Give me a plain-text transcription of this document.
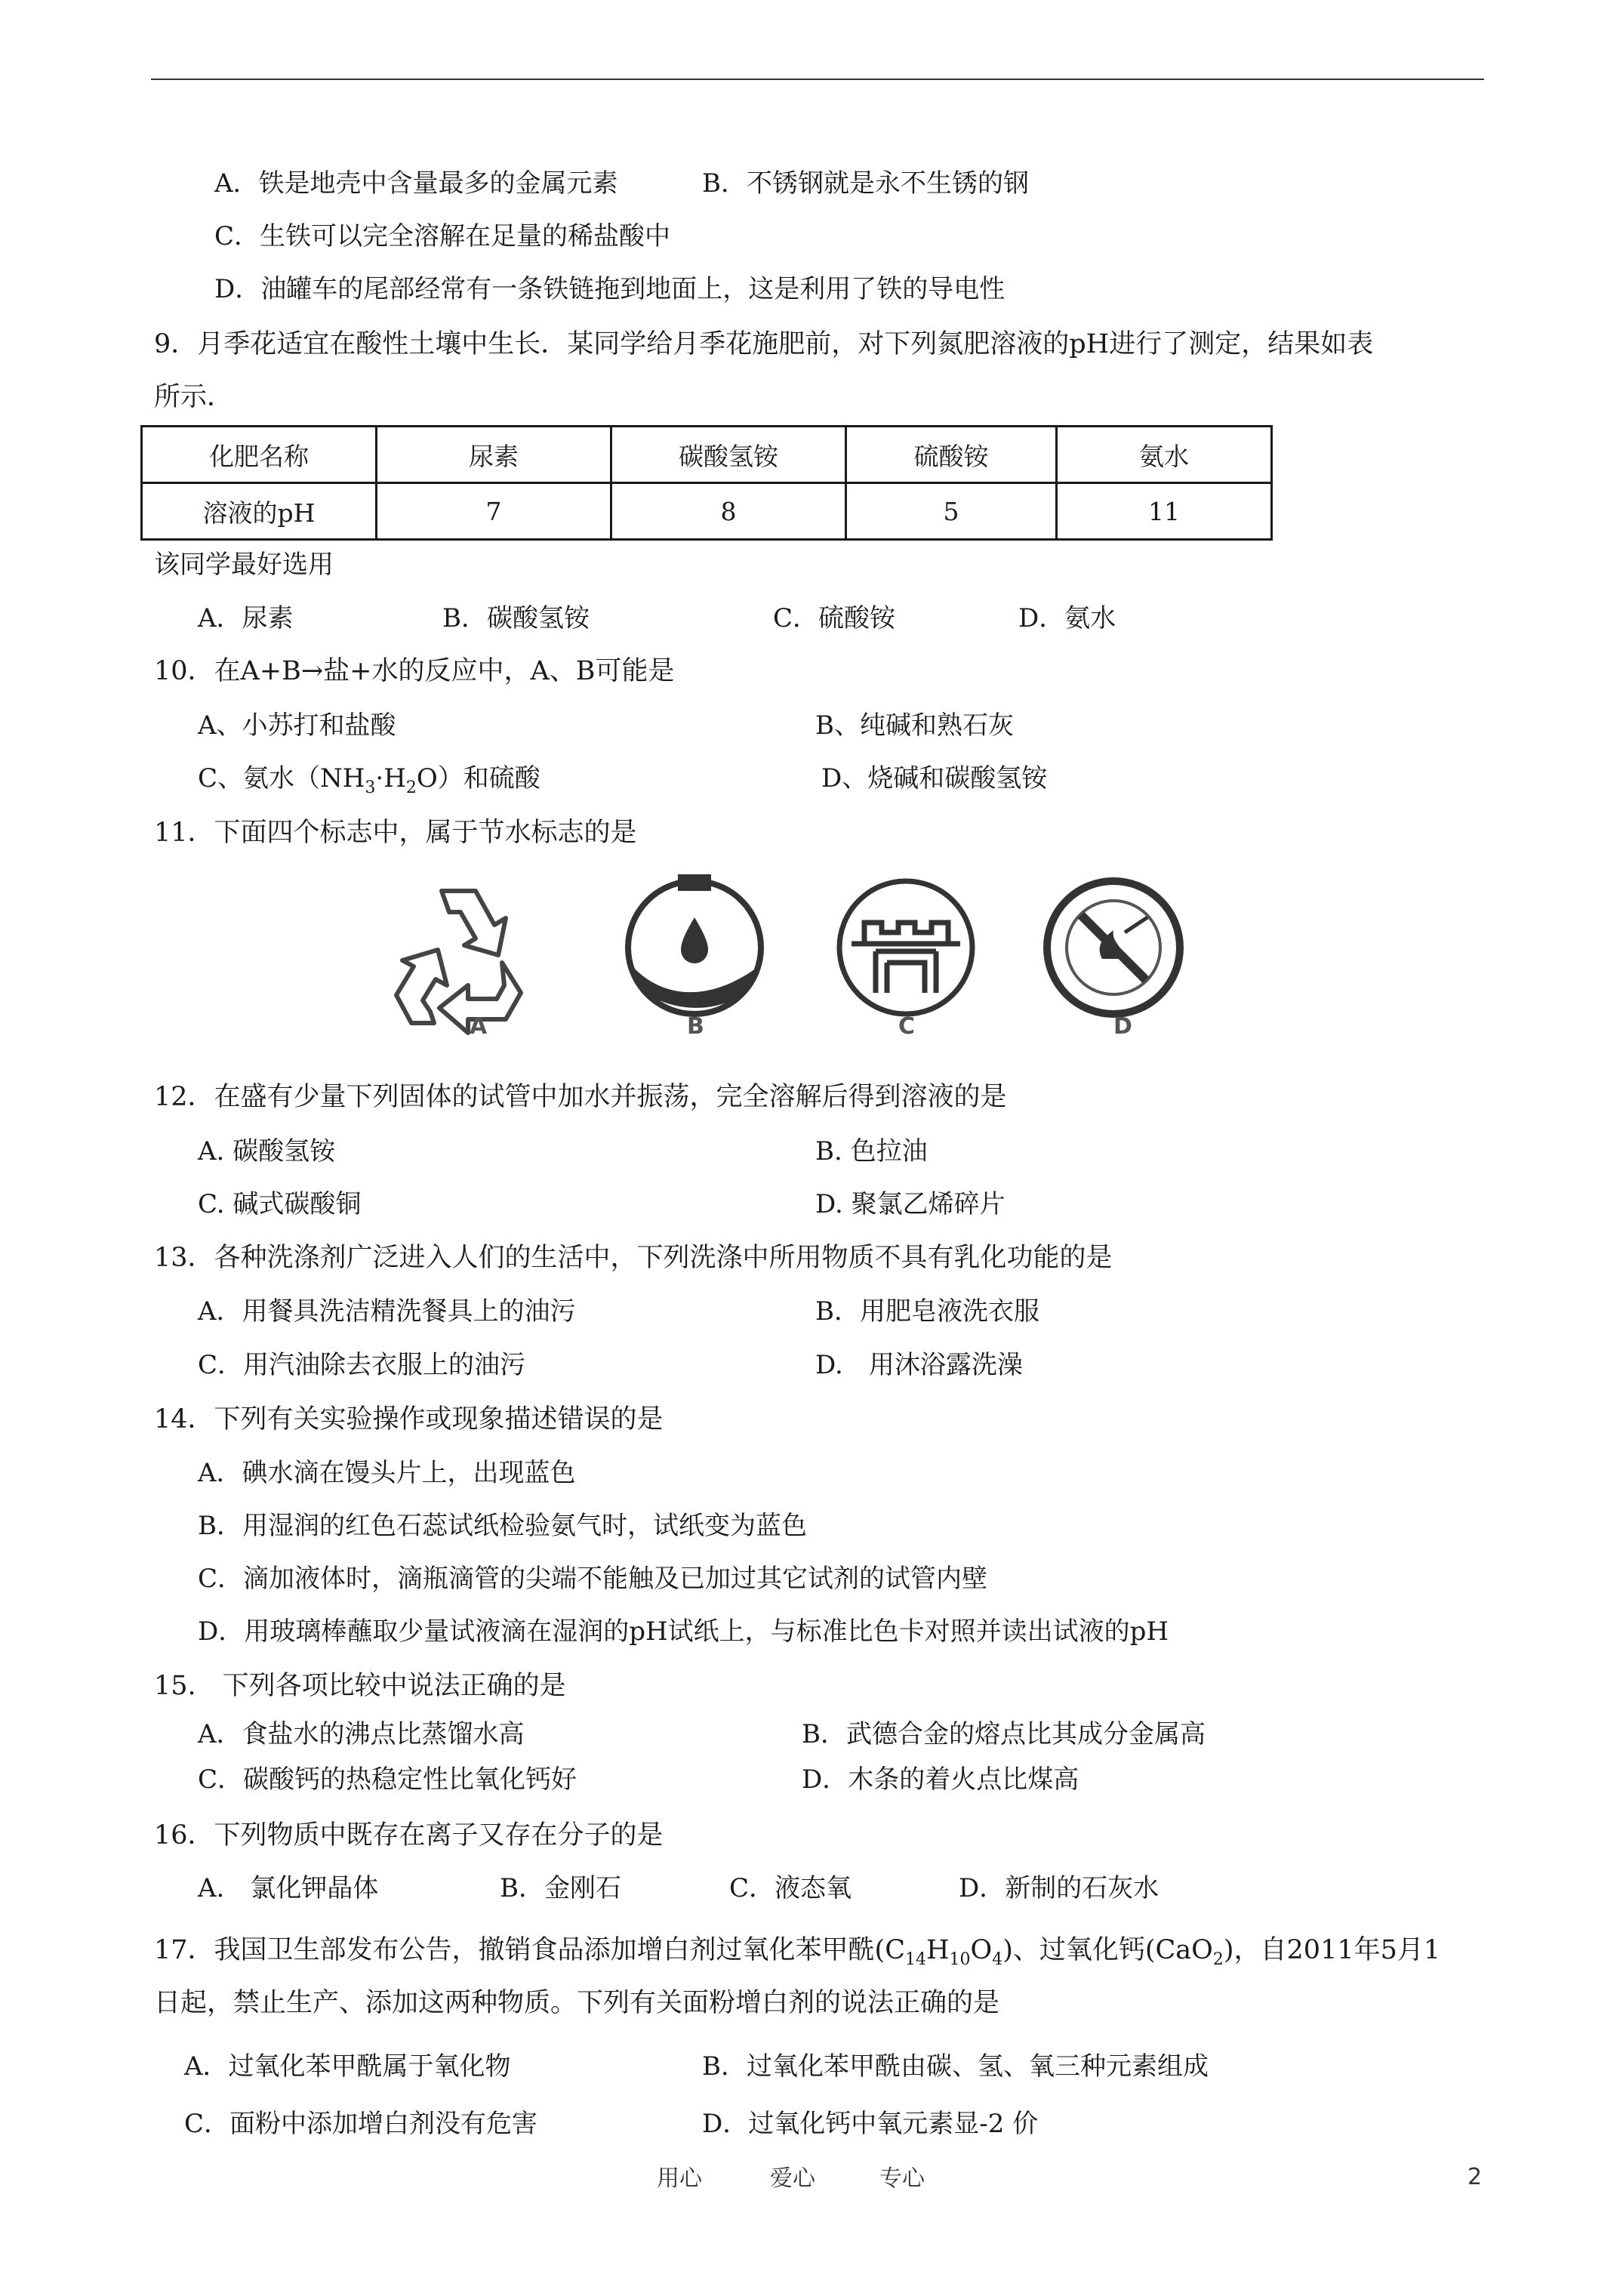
A．铁是地壳中含量最多的金属元素	B．不锈钢就是永不生锈的钢
C．生铁可以完全溶解在足量的稀盐酸中
D．油罐车的尾部经常有一条铁链拖到地面上，这是利用了铁的导电性
9．月季花适宜在酸性土壤中生长．某同学给月季花施肥前，对下列氮肥溶液的pH进行了测定，结果如表
所示．
化肥名称	尿素	碳酸氢铵	硫酸铵	氨水
溶液的pH	7	8	5	11
该同学最好选用
A．尿素	B．碳酸氢铵	C．硫酸铵	D．氨水
10．在A+B→盐+水的反应中，A、B可能是
A、小苏打和盐酸	B、纯碱和熟石灰
C、氨水$(NH_3\cdot H_2O)$和硫酸	D、烧碱和碳酸氢铵
11．下面四个标志中，属于节水标志的是
A	B	C	D
12．在盛有少量下列固体的试管中加水并振荡，完全溶解后得到溶液的是
A. 碳酸氢铵	B. 色拉油
C. 碱式碳酸铜	D. 聚氯乙烯碎片
13．各种洗涤剂广泛进入人们的生活中，下列洗涤中所用物质不具有乳化功能的是
A．用餐具洗洁精洗餐具上的油污	B．用肥皂液洗衣服
C．用汽油除去衣服上的油污	D.　用沐浴露洗澡
14．下列有关实验操作或现象描述错误的是
A．碘水滴在馒头片上，出现蓝色
B．用湿润的红色石蕊试纸检验氨气时，试纸变为蓝色
C．滴加液体时，滴瓶滴管的尖端不能触及已加过其它试剂的试管内壁
D．用玻璃棒蘸取少量试液滴在湿润的pH试纸上，与标准比色卡对照并读出试液的pH
15.　下列各项比较中说法正确的是
A．食盐水的沸点比蒸馏水高	B．武德合金的熔点比其成分金属高
C．碳酸钙的热稳定性比氧化钙好	D．木条的着火点比煤高
16．下列物质中既存在离子又存在分子的是
A.　氯化钾晶体	B．金刚石	C．液态氧	D．新制的石灰水
17．我国卫生部发布公告，撤销食品添加增白剂过氧化苯甲酰$(C_{14}H_{10}O_4)$、过氧化钙(CaO$_2$)，自2011年5月1
日起，禁止生产、添加这两种物质。下列有关面粉增白剂的说法正确的是
A．过氧化苯甲酰属于氧化物	B．过氧化苯甲酰由碳、氢、氧三种元素组成
C．面粉中添加增白剂没有危害	D．过氧化钙中氧元素显-2 价
用心	爱心	专心	2
